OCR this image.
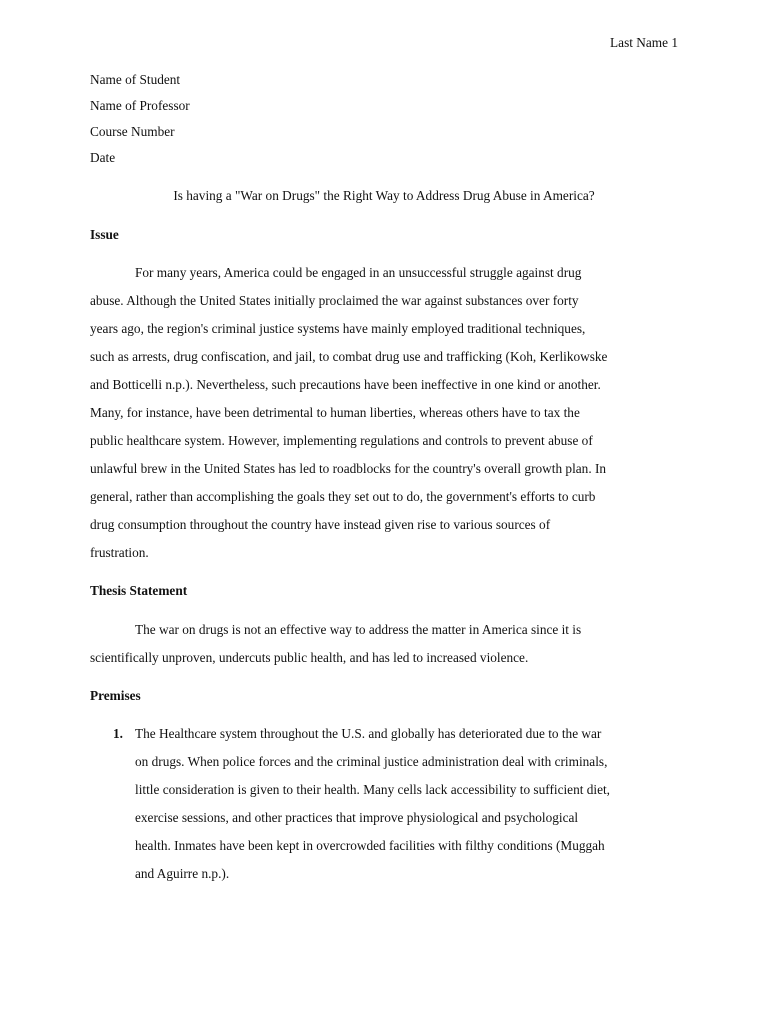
Last Name 1
Name of Student
Name of Professor
Course Number
Date
Is having a "War on Drugs" the Right Way to Address Drug Abuse in America?
Issue
For many years, America could be engaged in an unsuccessful struggle against drug
abuse. Although the United States initially proclaimed the war against substances over forty
years ago, the region's criminal justice systems have mainly employed traditional techniques,
such as arrests, drug confiscation, and jail, to combat drug use and trafficking (Koh, Kerlikowske
and Botticelli n.p.). Nevertheless, such precautions have been ineffective in one kind or another.
Many, for instance, have been detrimental to human liberties, whereas others have to tax the
public healthcare system. However, implementing regulations and controls to prevent abuse of
unlawful brew in the United States has led to roadblocks for the country's overall growth plan. In
general, rather than accomplishing the goals they set out to do, the government's efforts to curb
drug consumption throughout the country have instead given rise to various sources of
frustration.
Thesis Statement
The war on drugs is not an effective way to address the matter in America since it is
scientifically unproven, undercuts public health, and has led to increased violence.
Premises
1. The Healthcare system throughout the U.S. and globally has deteriorated due to the war
on drugs. When police forces and the criminal justice administration deal with criminals,
little consideration is given to their health. Many cells lack accessibility to sufficient diet,
exercise sessions, and other practices that improve physiological and psychological
health. Inmates have been kept in overcrowded facilities with filthy conditions (Muggah
and Aguirre n.p.).
